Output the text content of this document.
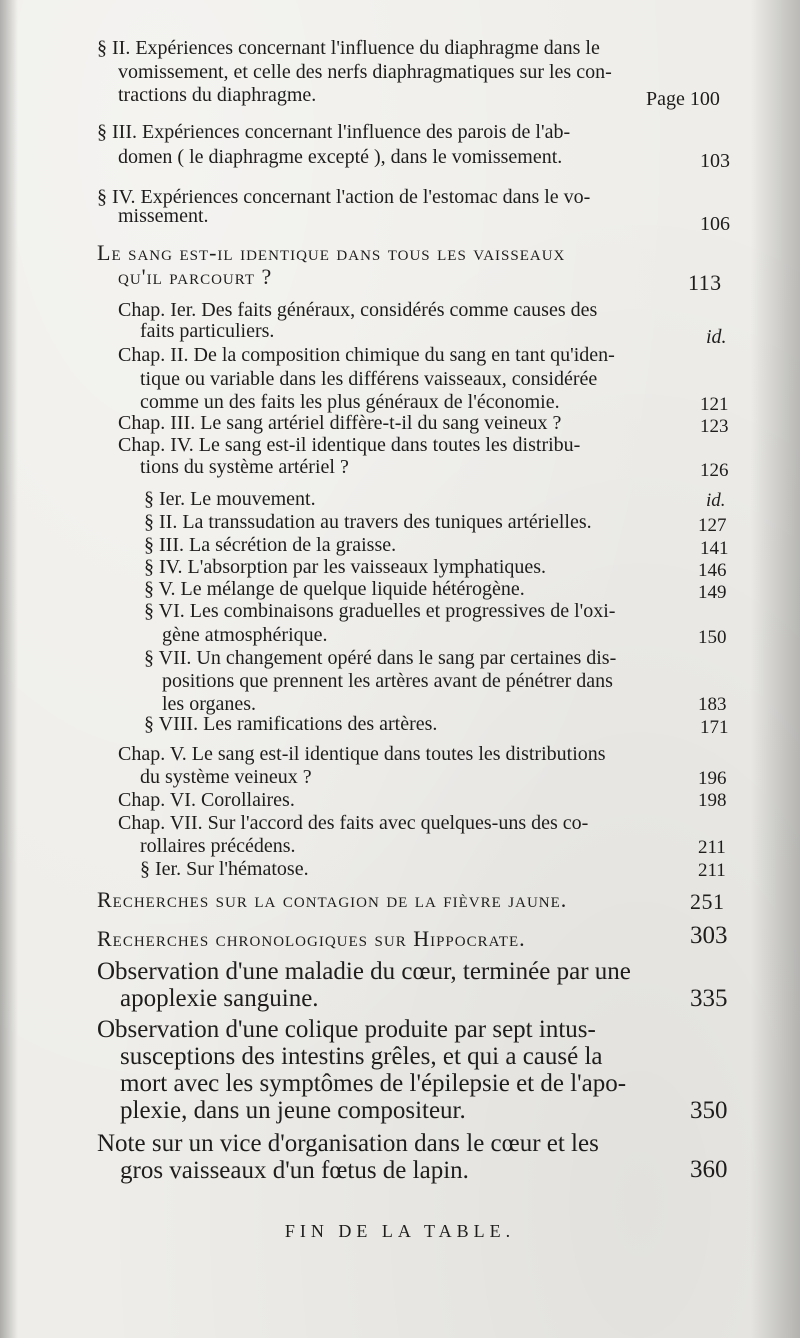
§ II. Expériences concernant l'influence du diaphragme dans le
vomissement, et celle des nerfs diaphragmatiques sur les con-
tractions du diaphragme.	Page 100
§ III. Expériences concernant l'influence des parois de l'ab-
domen ( le diaphragme excepté ), dans le vomissement.	103
§ IV. Expériences concernant l'action de l'estomac dans le vo-
missement.	106
Le sang est-il identique dans tous les vaisseaux
qu'il parcourt ?	113
Chap. Ier. Des faits généraux, considérés comme causes des
faits particuliers.	id.
Chap. II. De la composition chimique du sang en tant qu'iden-
tique ou variable dans les différens vaisseaux, considérée
comme un des faits les plus généraux de l'économie.	121
Chap. III. Le sang artériel diffère-t-il du sang veineux ?	123
Chap. IV. Le sang est-il identique dans toutes les distribu-
tions du système artériel ?	126
§ Ier. Le mouvement.	id.
§ II. La transsudation au travers des tuniques artérielles.	127
§ III. La sécrétion de la graisse.	141
§ IV. L'absorption par les vaisseaux lymphatiques.	146
§ V. Le mélange de quelque liquide hétérogène.	149
§ VI. Les combinaisons graduelles et progressives de l'oxi-
gène atmosphérique.	150
§ VII. Un changement opéré dans le sang par certaines dis-
positions que prennent les artères avant de pénétrer dans
les organes.	183
§ VIII. Les ramifications des artères.	171
Chap. V. Le sang est-il identique dans toutes les distributions
du système veineux ?	196
Chap. VI. Corollaires.	198
Chap. VII. Sur l'accord des faits avec quelques-uns des co-
rollaires précédens.	211
§ Ier. Sur l'hématose.	211
Recherches sur la contagion de la fièvre jaune.	251
Recherches chronologiques sur Hippocrate.	303
Observation d'une maladie du cœur, terminée par une
apoplexie sanguine.	335
Observation d'une colique produite par sept intus-
susceptions des intestins grêles, et qui a causé la
mort avec les symptômes de l'épilepsie et de l'apo-
plexie, dans un jeune compositeur.	350
Note sur un vice d'organisation dans le cœur et les
gros vaisseaux d'un fœtus de lapin.	360
FIN DE LA TABLE.
